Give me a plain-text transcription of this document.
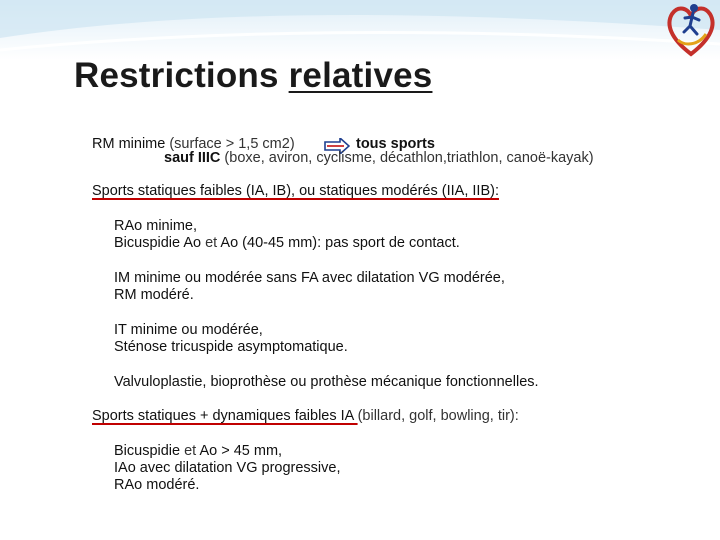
Restrictions relatives
RM minime (surface > 1,5 cm2)	tous sports
sauf IIIC (boxe, aviron, cyclisme, décathlon,triathlon, canoë-kayak)
Sports statiques faibles (IA, IB), ou statiques modérés (IIA, IIB):
RAo minime,
Bicuspidie Ao et Ao (40-45 mm): pas sport de contact.
IM minime ou modérée sans FA avec dilatation VG modérée,
RM modéré.
IT minime ou modérée,
Sténose tricuspide asymptomatique.
Valvuloplastie, bioprothèse ou prothèse mécanique fonctionnelles.
Sports statiques + dynamiques faibles IA (billard, golf, bowling, tir):
Bicuspidie et Ao > 45 mm,
IAo avec dilatation VG progressive,
RAo modéré.
